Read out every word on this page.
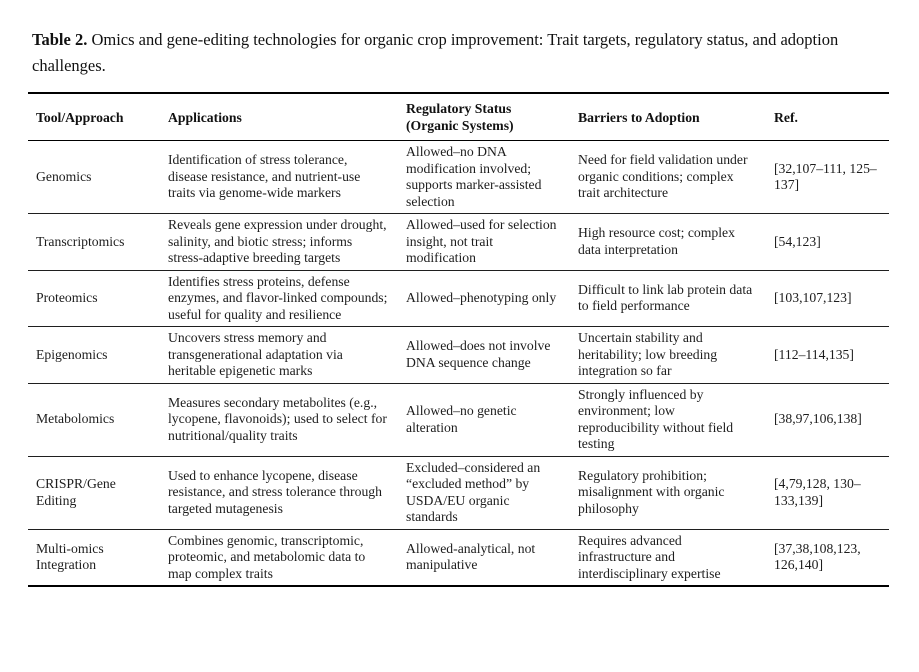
Table 2. Omics and gene-editing technologies for organic crop improvement: Trait targets, regulatory status, and adoption challenges.

Tool/Approach	Applications	Regulatory Status (Organic Systems)	Barriers to Adoption	Ref.
Genomics	Identification of stress tolerance, disease resistance, and nutrient-use traits via genome-wide markers	Allowed–no DNA modification involved; supports marker-assisted selection	Need for field validation under organic conditions; complex trait architecture	[32,107–111, 125–137]
Transcriptomics	Reveals gene expression under drought, salinity, and biotic stress; informs stress-adaptive breeding targets	Allowed–used for selection insight, not trait modification	High resource cost; complex data interpretation	[54,123]
Proteomics	Identifies stress proteins, defense enzymes, and flavor-linked compounds; useful for quality and resilience	Allowed–phenotyping only	Difficult to link lab protein data to field performance	[103,107,123]
Epigenomics	Uncovers stress memory and transgenerational adaptation via heritable epigenetic marks	Allowed–does not involve DNA sequence change	Uncertain stability and heritability; low breeding integration so far	[112–114,135]
Metabolomics	Measures secondary metabolites (e.g., lycopene, flavonoids); used to select for nutritional/quality traits	Allowed–no genetic alteration	Strongly influenced by environment; low reproducibility without field testing	[38,97,106,138]
CRISPR/Gene Editing	Used to enhance lycopene, disease resistance, and stress tolerance through targeted mutagenesis	Excluded–considered an “excluded method” by USDA/EU organic standards	Regulatory prohibition; misalignment with organic philosophy	[4,79,128, 130–133,139]
Multi-omics Integration	Combines genomic, transcriptomic, proteomic, and metabolomic data to map complex traits	Allowed-analytical, not manipulative	Requires advanced infrastructure and interdisciplinary expertise	[37,38,108,123, 126,140]
